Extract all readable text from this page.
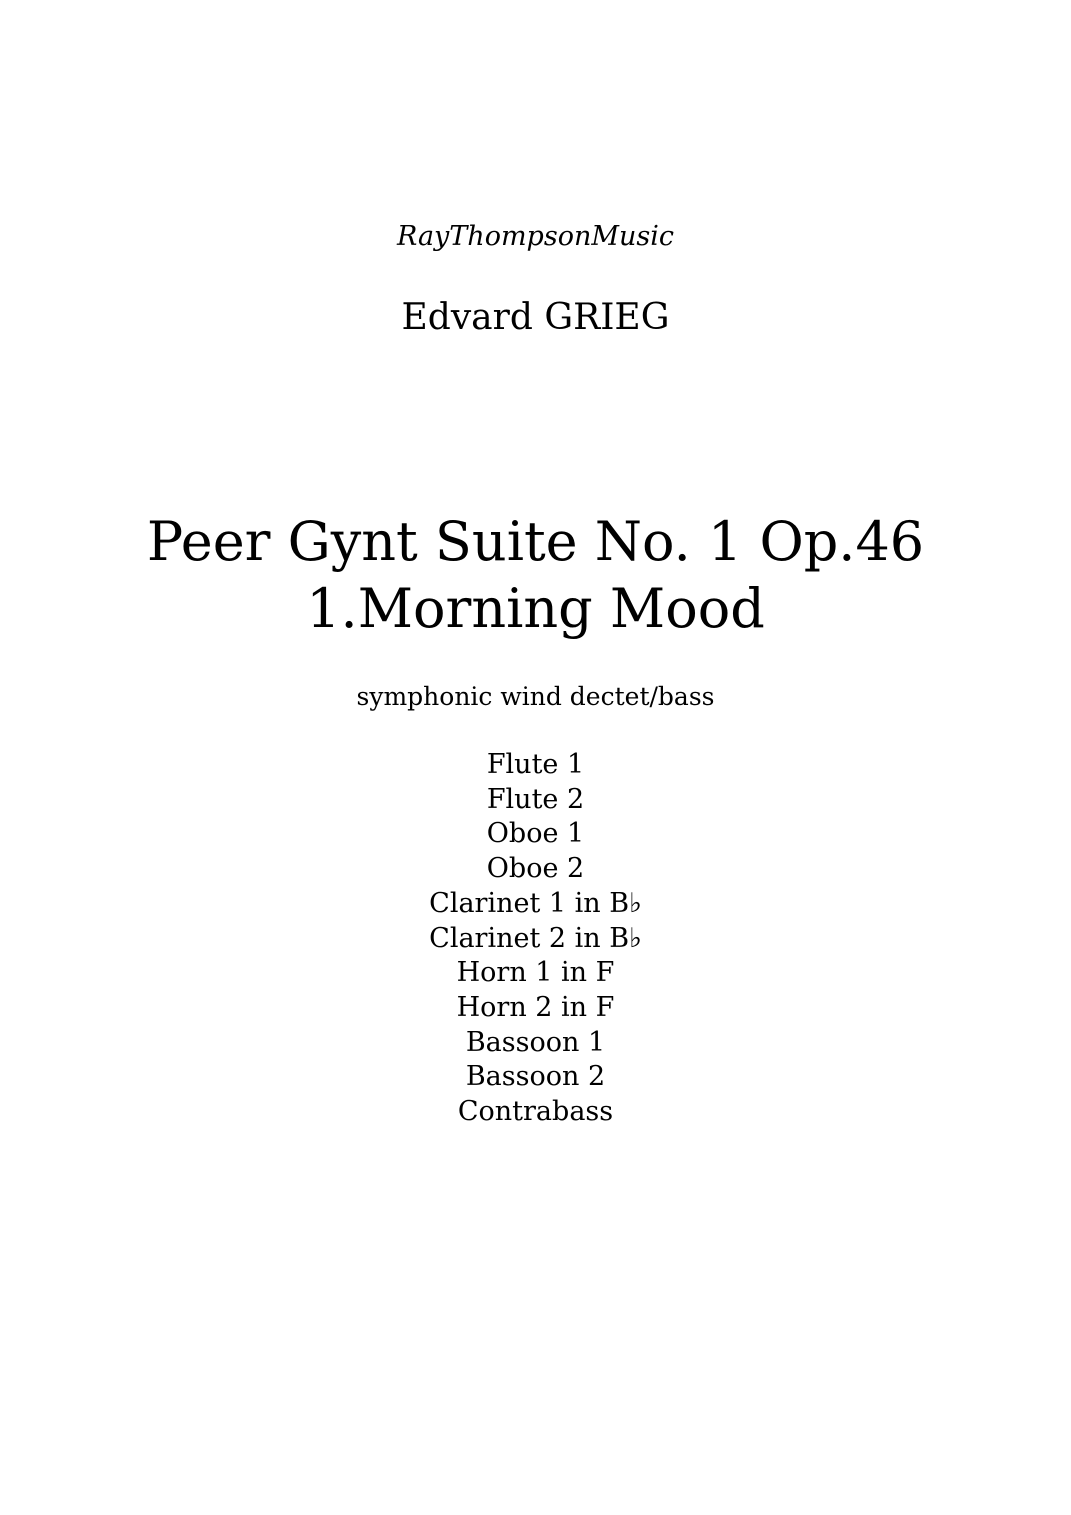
RayThompsonMusic
Edvard GRIEG
Peer Gynt Suite No. 1 Op.46
1.Morning Mood
symphonic wind dectet/bass
Flute 1
Flute 2
Oboe 1
Oboe 2
Clarinet 1 in B♭
Clarinet 2 in B♭
Horn 1 in F
Horn 2 in F
Bassoon 1
Bassoon 2
Contrabass
